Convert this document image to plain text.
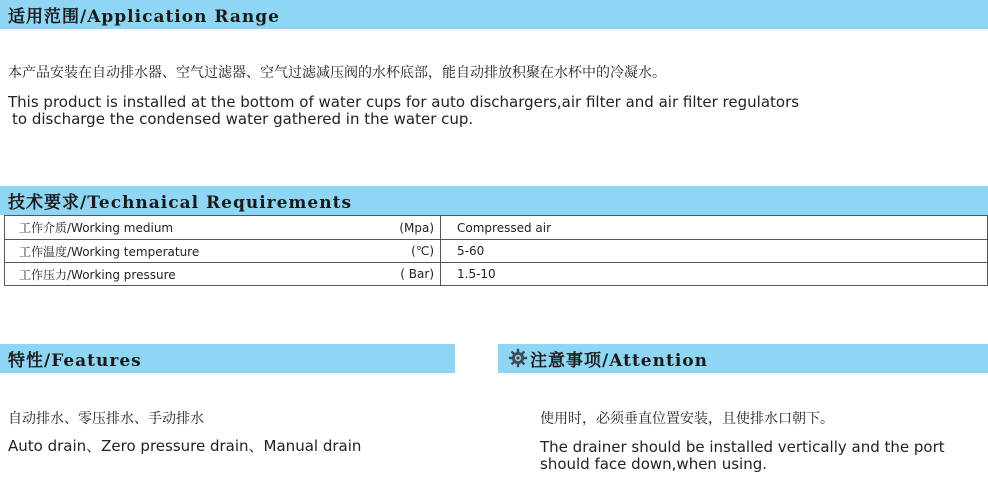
适用范围/Application Range
本产品安装在自动排水器、空气过滤器、空气过滤减压阀的水杯底部，能自动排放积聚在水杯中的冷凝水。
This product is installed at the bottom of water cups for auto dischargers,air filter and air filter regulators
to discharge the condensed water gathered in the water cup.
技术要求/Technaical Requirements
工作介质/Working medium (Mpa)	Compressed air
工作温度/Working temperature (℃)	5-60
工作压力/Working pressure ( Bar)	1.5-10
特性/Features
自动排水、零压排水、手动排水
Auto drain、Zero pressure drain、Manual drain
注意事项/Attention
使用时，必须垂直位置安装，且使排水口朝下。
The drainer should be installed vertically and the port
should face down,when using.
